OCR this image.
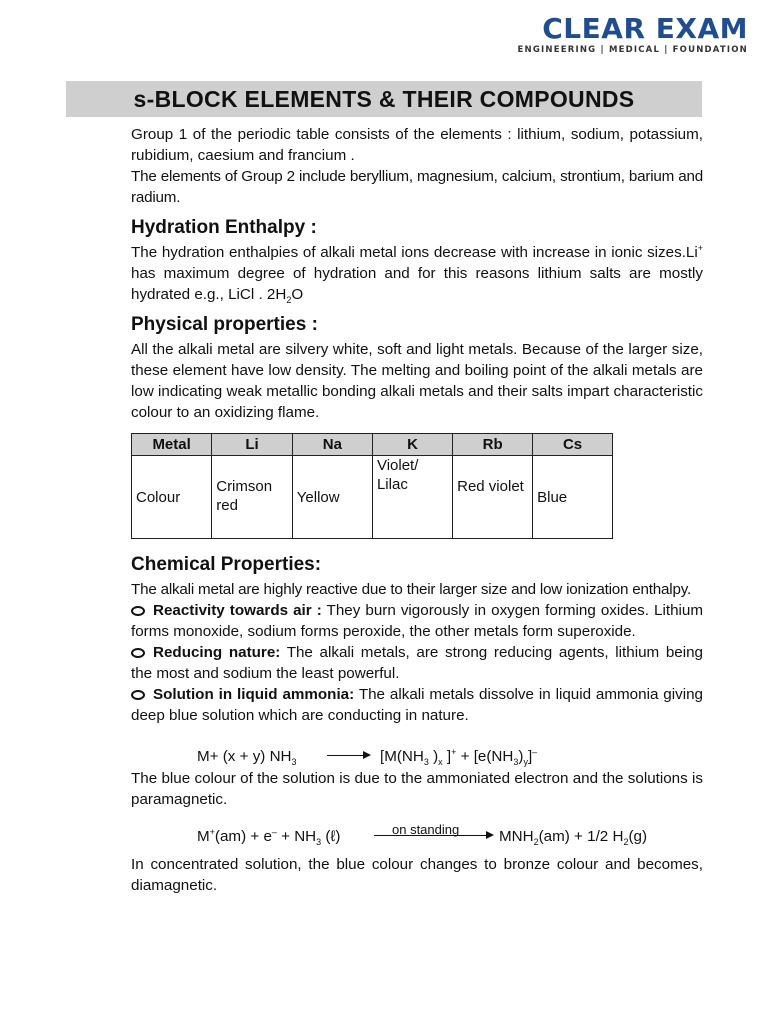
CLEAR EXAM
ENGINEERING | MEDICAL | FOUNDATION
s-BLOCK ELEMENTS & THEIR COMPOUNDS

Group 1 of the periodic table consists of the elements : lithium, sodium, potassium, rubidium, caesium and francium .

The elements of Group 2 include beryllium, magnesium, calcium, strontium, barium and radium.

Hydration Enthalpy :

The hydration enthalpies of alkali metal ions decrease with increase in ionic sizes.Li+ has maximum degree of hydration and for this reasons lithium salts are mostly hydrated e.g., LiCl . $2H_2O$

Physical properties :

All the alkali metal are silvery white, soft and light metals. Because of the larger size, these element have low density. The melting and boiling point of the alkali metals are low indicating weak metallic bonding alkali metals and their salts impart characteristic colour to an oxidizing flame.

Metal	Li	Na	K	Rb	Cs
Colour	Crimson red	Yellow	Violet/ Lilac	Red violet	Blue
Chemical Properties:

The alkali metal are highly reactive due to their larger size and low ionization enthalpy.

Reactivity towards air : They burn vigorously in oxygen forming oxides. Lithium forms monoxide, sodium forms peroxide, the other metals form superoxide.

Reducing nature: The alkali metals, are strong reducing agents, lithium being the most and sodium the least powerful.

Solution in liquid ammonia: The alkali metals dissolve in liquid ammonia giving deep blue solution which are conducting in nature.

M+ (x + y) $NH_3 \to [M(NH_3$ )$_x$ ]$^+ + [e(NH_3)_y]^-$

The blue colour of the solution is due to the ammoniated electron and the solutions is paramagnetic.

$M^+(am) + e^- + NH_3$ (ℓ)	on standing	$MNH_2(am) + 1/2$ $H_2(g)$

In concentrated solution, the blue colour changes to bronze colour and becomes, diamagnetic.
